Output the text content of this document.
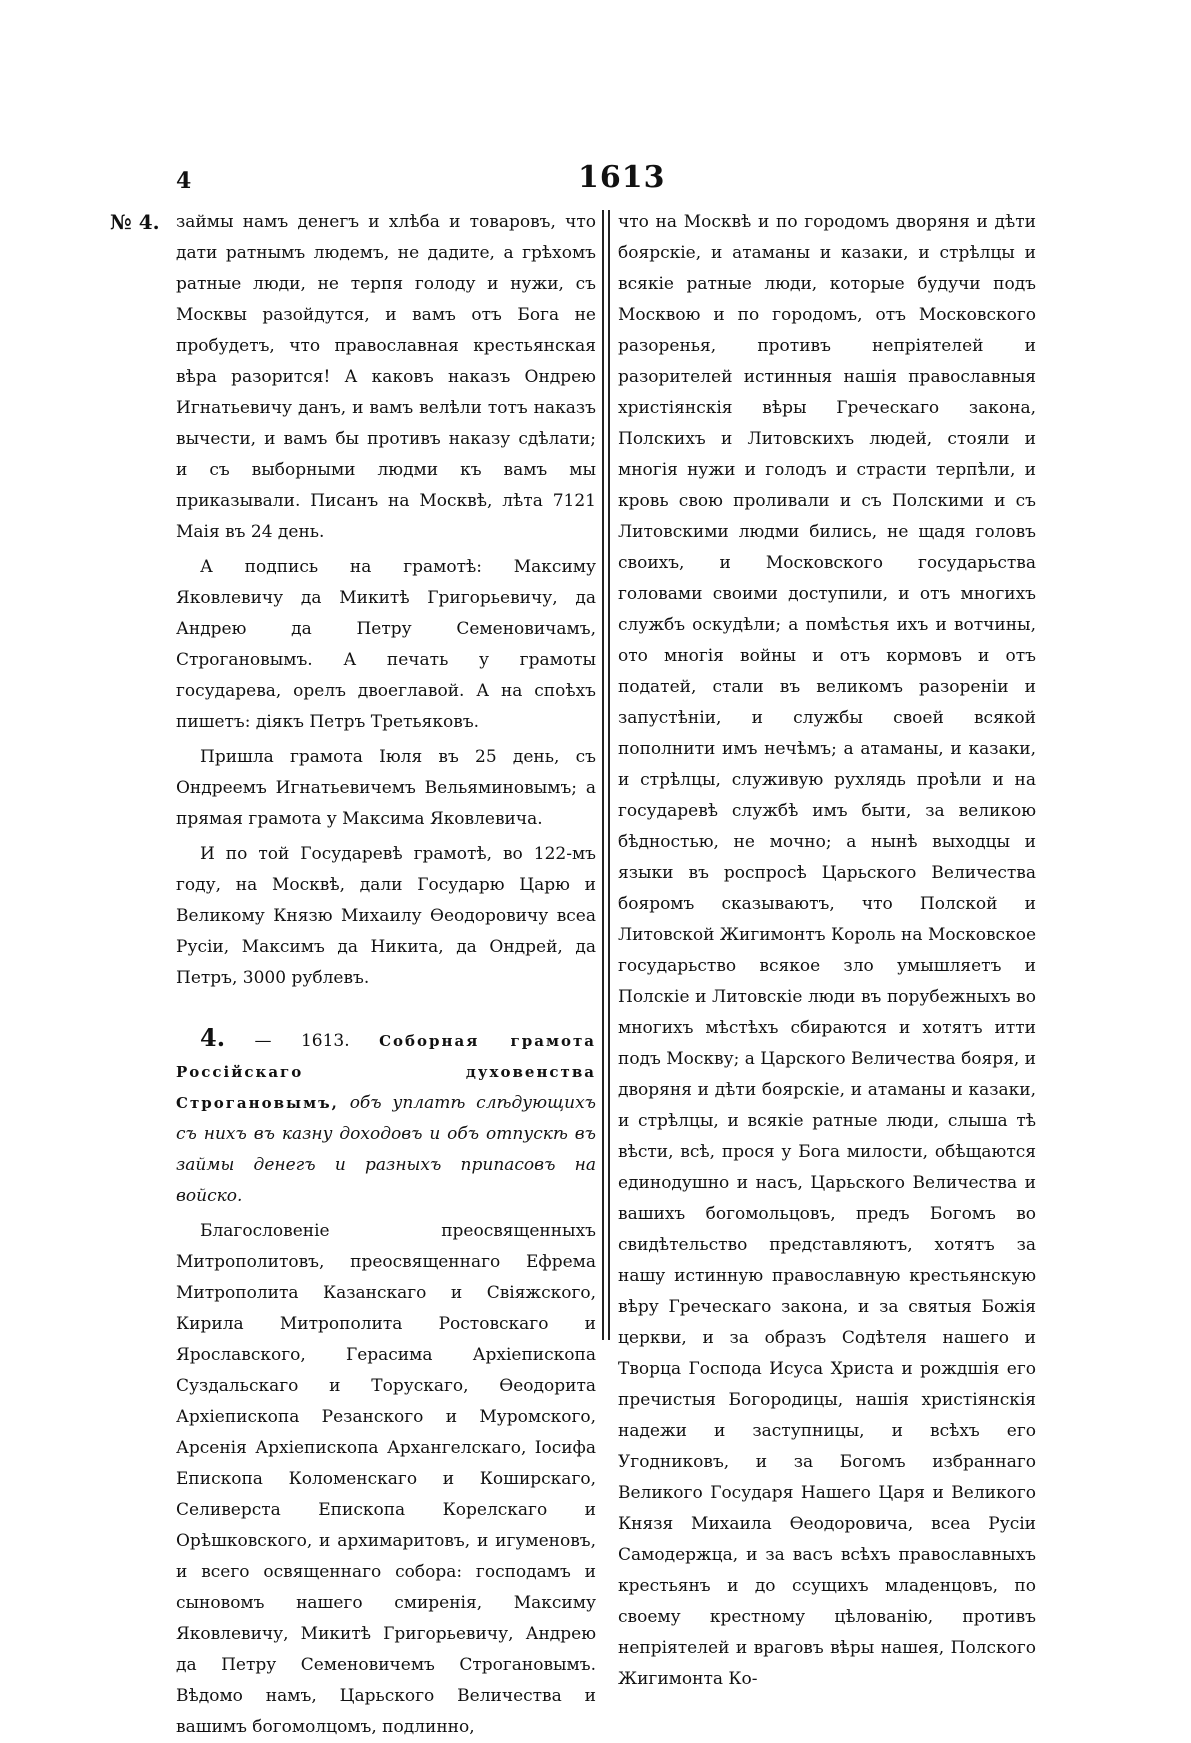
4	1613
№ 4. займы намъ денегъ и хлѣба и товаровъ, что дати ратнымъ людемъ, не дадите, а грѣхомъ ратные люди, не терпя голоду и нужи, съ Москвы разойдутся, и вамъ отъ Бога не пробудетъ, что православная крестьянская вѣра разорится! А каковъ наказъ Ондрею Игнатьевичу данъ, и вамъ велѣли тотъ наказъ вычести, и вамъ бы противъ наказу сдѣлати; и съ выборными людми къ вамъ мы приказывали. Писанъ на Москвѣ, лѣта 7121 Маія въ 24 день.

А подпись на грамотѣ: Максиму Яковлевичу да Микитѣ Григорьевичу, да Андрею да Петру Семеновичамъ, Строгановымъ. А печать у грамоты государева, орелъ двоеглавой. А на споѣхъ пишетъ: діякъ Петръ Третьяковъ.

Пришла грамота Іюля въ 25 день, съ Ондреемъ Игнатьевичемъ Вельяминовымъ; а прямая грамота у Максима Яковлевича.

И по той Государевѣ грамотѣ, во 122-мъ году, на Москвѣ, дали Государю Царю и Великому Князю Михаилу Ѳеодоровичу всеа Русіи, Максимъ да Никита, да Ондрей, да Петръ, 3000 рублевъ.

4. — 1613. Соборная грамота Россійскаго духовенства Строгановымъ, объ уплатѣ слѣдующихъ съ нихъ въ казну доходовъ и объ отпускѣ въ займы денегъ и разныхъ припасовъ на войско.

Благословеніе преосвященныхъ Митрополитовъ, преосвященнаго Ефрема Митрополита Казанскаго и Свіяжского, Кирила Митрополита Ростовскаго и Ярославского, Герасима Архіепископа Суздальскаго и Торускаго, Ѳеодорита Архіепископа Резанского и Муромского, Арсенія Архіепископа Архангелскаго, Іосифа Епископа Коломенскаго и Коширскаго, Селиверста Епископа Корелскаго и Орѣшковского, и архимаритовъ, и игуменовъ, и всего освященнаго собора: господамъ и сыновомъ нашего смиренія, Максиму Яковлевичу, Микитѣ Григорьевичу, Андрею да Петру Семеновичемъ Строгановымъ. Вѣдомо намъ, Царьского Величества и вашимъ богомолцомъ, подлинно,

что на Москвѣ и по городомъ дворяня и дѣти боярскіе, и атаманы и казаки, и стрѣлцы и всякіе ратные люди, которые будучи подъ Москвою и по городомъ, отъ Московского разоренья, противъ непріятелей и разорителей истинныя нашія православныя христіянскія вѣры Греческаго закона, Полскихъ и Литовскихъ людей, стояли и многія нужи и голодъ и страсти терпѣли, и кровь свою проливали и съ Полскими и съ Литовскими людми бились, не щадя головъ своихъ, и Московского государьства головами своими доступили, и отъ многихъ службъ оскудѣли; а помѣстья ихъ и вотчины, ото многія войны и отъ кормовъ и отъ податей, стали въ великомъ разореніи и запустѣніи, и службы своей всякой пополнити имъ нечѣмъ; а атаманы, и казаки, и стрѣлцы, служивую рухлядь проѣли и на государевѣ службѣ имъ быти, за великою бѣдностью, не мочно; а нынѣ выходцы и языки въ роспросѣ Царьского Величества бояромъ сказываютъ, что Полской и Литовской Жигимонтъ Король на Московское государьство всякое зло умышляетъ и Полскіе и Литовскіе люди въ порубежныхъ во многихъ мѣстѣхъ сбираются и хотятъ итти подъ Москву; а Царского Величества бояря, и дворяня и дѣти боярскіе, и атаманы и казаки, и стрѣлцы, и всякіе ратные люди, слыша тѣ вѣсти, всѣ, прося у Бога милости, обѣщаются единодушно и насъ, Царьского Величества и вашихъ богомольцовъ, предъ Богомъ во свидѣтельство представляютъ, хотятъ за нашу истинную православную крестьянскую вѣру Греческаго закона, и за святыя Божія церкви, и за образъ Содѣтеля нашего и Творца Господа Исуса Христа и рождшія его пречистыя Богородицы, нашія христіянскія надежи и заступницы, и всѣхъ его Угодниковъ, и за Богомъ избраннаго Великого Государя Нашего Царя и Великого Князя Михаила Ѳеодоровича, всеа Русіи Самодержца, и за васъ всѣхъ православныхъ крестьянъ и до ссущихъ младенцовъ, по своему крестному цѣлованію, противъ непріятелей и враговъ вѣры нашея, Полского Жигимонта Ко-
